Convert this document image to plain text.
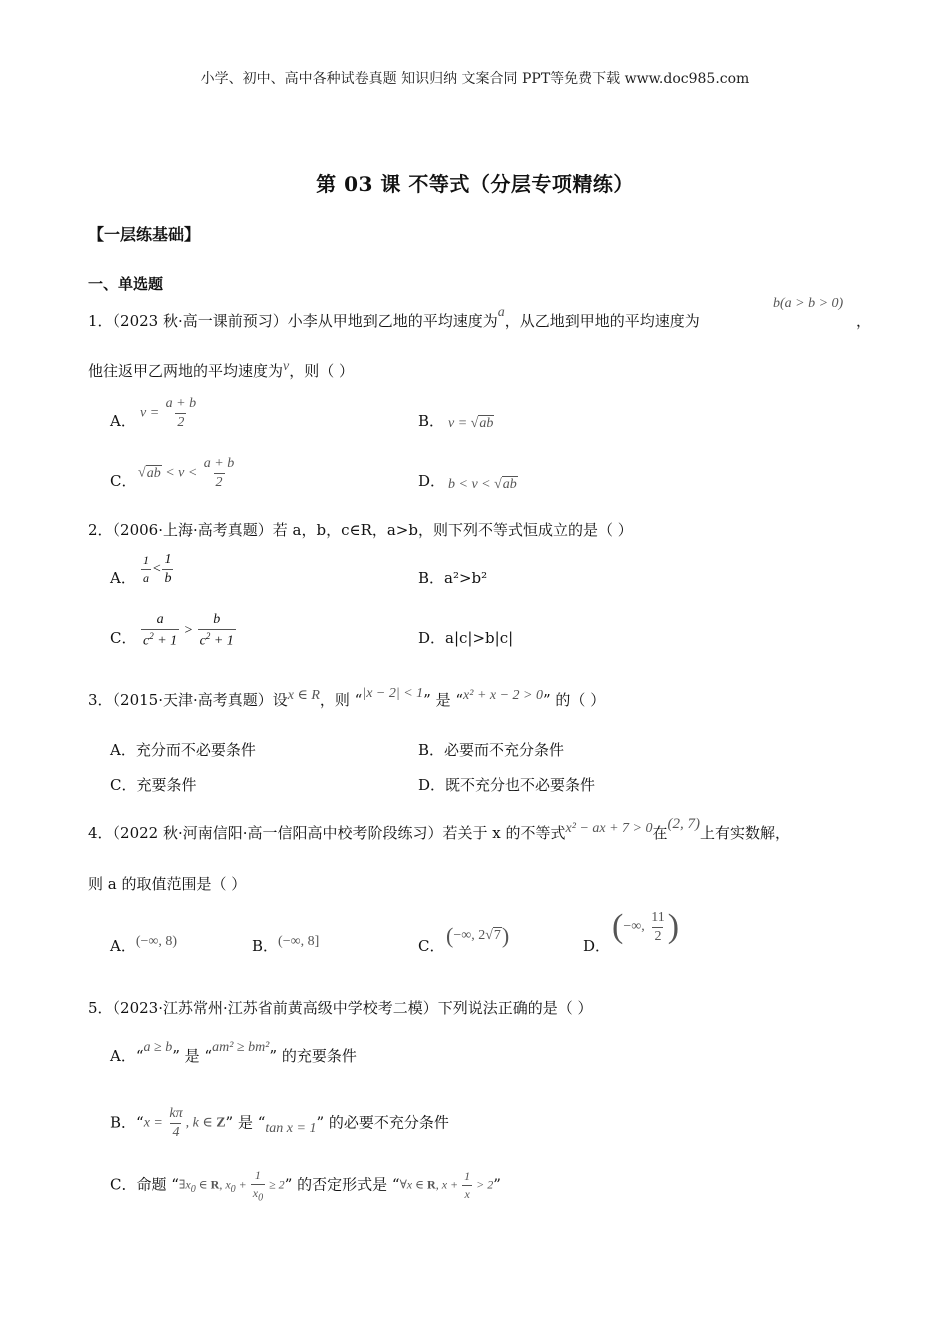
小学、初中、高中各种试卷真题 知识归纳 文案合同 PPT等免费下载 www.doc985.com
第 03 课 不等式（分层专项精练）
【一层练基础】
一、单选题
1．（2023 秋·高一课前预习）小李从甲地到乙地的平均速度为a，从乙地到甲地的平均速度为
b(a > b > 0)
，
他往返甲乙两地的平均速度为v，则（ ）
A． $v = \frac{a + b}{2}$	B． v = √ab
C． $√ab < v < \frac{a + b}{2}$	D． b < v < √ab
2．（2006·上海·高考真题）若 a，b，c∈R，a>b，则下列不等式恒成立的是（ ）
A． $\frac{1}{a} < \frac{1}{b}$	B．a²>b²
C． $\frac{a}{c^2 + 1} > \frac{b}{c^2 + 1}$	D．a|c|>b|c|
3．（2015·天津·高考真题）设x ∈ R，则 “|x − 2| < 1” 是 “x² + x − 2 > 0” 的（ ）
A．充分而不必要条件	B．必要而不充分条件
C．充要条件	D．既不充分也不必要条件
4．（2022 秋·河南信阳·高一信阳高中校考阶段练习）若关于 x 的不等式x² − ax + 7 > 0在(2, 7)上有实数解，
则 a 的取值范围是（ ）
A．(−∞, 8)	B．(−∞, 8]	C． (−∞, 2√7)	D．
(−∞, $\frac{11}{2}$ )
5．（2023·江苏常州·江苏省前黄高级中学校考二模）下列说法正确的是（ ）
A．“a ≥ b” 是 “am² ≥ bm²” 的充要条件
B．“$x = \frac{k\pi}{4}$ , k ∈ Z” 是 “tan x = 1” 的必要不充分条件
C．命题 “$\exists x_0$ ∈ R, $x_0 + \frac{1}{x_0} \ge 2$” 的否定形式是 “∀x ∈ R, $x + \frac{1}{x} > 2$”
